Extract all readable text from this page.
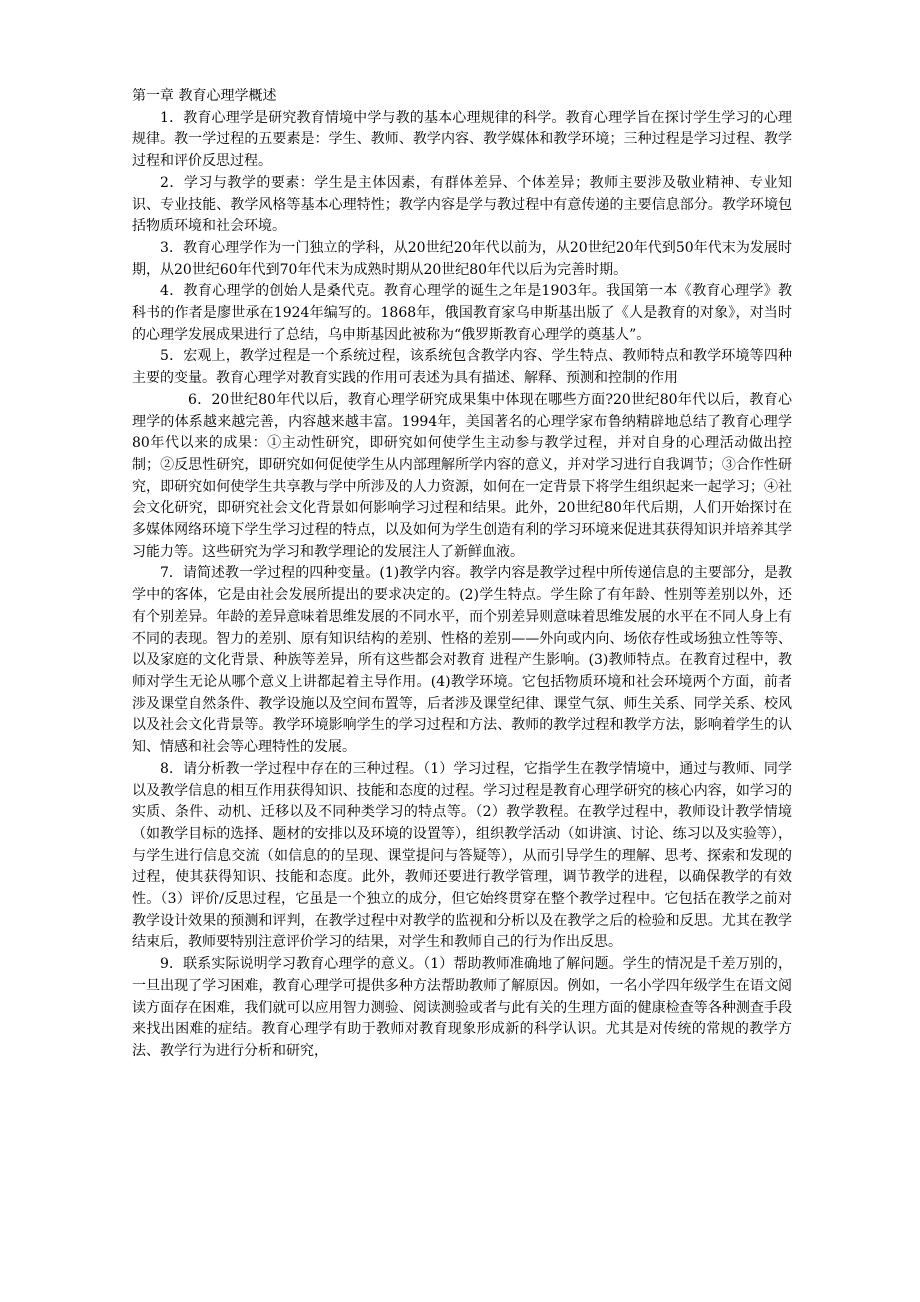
第一章 教育心理学概述

1．教育心理学是研究教育情境中学与教的基本心理规律的科学。教育心理学旨在探讨学生学习的心理规律。教一学过程的五要素是：学生、教师、教学内容、教学媒体和教学环境；三种过程是学习过程、教学过程和评价反思过程。

2．学习与教学的要素：学生是主体因素，有群体差异、个体差异；教师主要涉及敬业精神、专业知识、专业技能、教学风格等基本心理特性；教学内容是学与教过程中有意传递的主要信息部分。教学环境包括物质环境和社会环境。

3．教育心理学作为一门独立的学科，从20世纪20年代以前为，从20世纪20年代到50年代末为发展时期，从20世纪60年代到70年代末为成熟时期从20世纪80年代以后为完善时期。

4．教育心理学的创始人是桑代克。教育心理学的诞生之年是1903年。我国第一本《教育心理学》教科书的作者是廖世承在1924年编写的。1868年，俄国教育家乌申斯基出版了《人是教育的对象》，对当时的心理学发展成果进行了总结，乌申斯基因此被称为“俄罗斯教育心理学的奠基人”。

5．宏观上，教学过程是一个系统过程，该系统包含教学内容、学生特点、教师特点和教学环境等四种主要的变量。教育心理学对教育实践的作用可表述为具有描述、解释、预测和控制的作用

6．20世纪80年代以后，教育心理学研究成果集中体现在哪些方面?20世纪80年代以后，教育心理学的体系越来越完善，内容越来越丰富。1994年，美国著名的心理学家布鲁纳精辟地总结了教育心理学80年代以来的成果：①主动性研究，即研究如何使学生主动参与教学过程，并对自身的心理活动做出控制；②反思性研究，即研究如何促使学生从内部理解所学内容的意义，并对学习进行自我调节；③合作性研究，即研究如何使学生共享教与学中所涉及的人力资源，如何在一定背景下将学生组织起来一起学习；④社会文化研究，即研究社会文化背景如何影响学习过程和结果。此外，20世纪80年代后期，人们开始探讨在多媒体网络环境下学生学习过程的特点，以及如何为学生创造有利的学习环境来促进其获得知识并培养其学习能力等。这些研究为学习和教学理论的发展注人了新鲜血液。

7．请简述教一学过程的四种变量。(1)教学内容。教学内容是教学过程中所传递信息的主要部分，是教学中的客体，它是由社会发展所提出的要求决定的。(2)学生特点。学生除了有年龄、性别等差别以外，还有个别差异。年龄的差异意味着思维发展的不同水平，而个别差异则意味着思维发展的水平在不同人身上有 不同的表现。智力的差别、原有知识结构的差别、性格的差别——外向或内向、场依存性或场独立性等等、以及家庭的文化背景、种族等差异，所有这些都会对教育 进程产生影响。(3)教师特点。在教育过程中，教师对学生无论从哪个意义上讲都起着主导作用。(4)教学环境。它包括物质环境和社会环境两个方面，前者涉及课堂自然条件、教学设施以及空间布置等，后者涉及课堂纪律、课堂气氛、师生关系、同学关系、校风以及社会文化背景等。教学环境影响学生的学习过程和方法、教师的教学过程和教学方法，影响着学生的认知、情感和社会等心理特性的发展。

8．请分析教一学过程中存在的三种过程。（1）学习过程，它指学生在教学情境中，通过与教师、同学以及教学信息的相互作用获得知识、技能和态度的过程。学习过程是教育心理学研究的核心内容，如学习的实质、条件、动机、迁移以及不同种类学习的特点等。（2）教学教程。在教学过程中，教师设计教学情境（如教学目标的选择、题材的安排以及环境的设置等），组织教学活动（如讲演、讨论、练习以及实验等），与学生进行信息交流（如信息的的呈现、课堂提问与答疑等），从而引导学生的理解、思考、探索和发现的过程，使其获得知识、技能和态度。此外，教师还要进行教学管理，调节教学的进程，以确保教学的有效性。（3）评价/反思过程，它虽是一个独立的成分，但它始终贯穿在整个教学过程中。它包括在教学之前对教学设计效果的预测和评判，在教学过程中对教学的监视和分析以及在教学之后的检验和反思。尤其在教学结束后，教师要特别注意评价学习的结果，对学生和教师自己的行为作出反思。

9．联系实际说明学习教育心理学的意义。（1）帮助教师准确地了解问题。学生的情况是千差万别的，一旦出现了学习困难，教育心理学可提供多种方法帮助教师了解原因。例如，一名小学四年级学生在语文阅读方面存在困难，我们就可以应用智力测验、阅读测验或者与此有关的生理方面的健康检查等各种测查手段来找出困难的症结。教育心理学有助于教师对教育现象形成新的科学认识。尤其是对传统的常规的教学方法、教学行为进行分析和研究，
